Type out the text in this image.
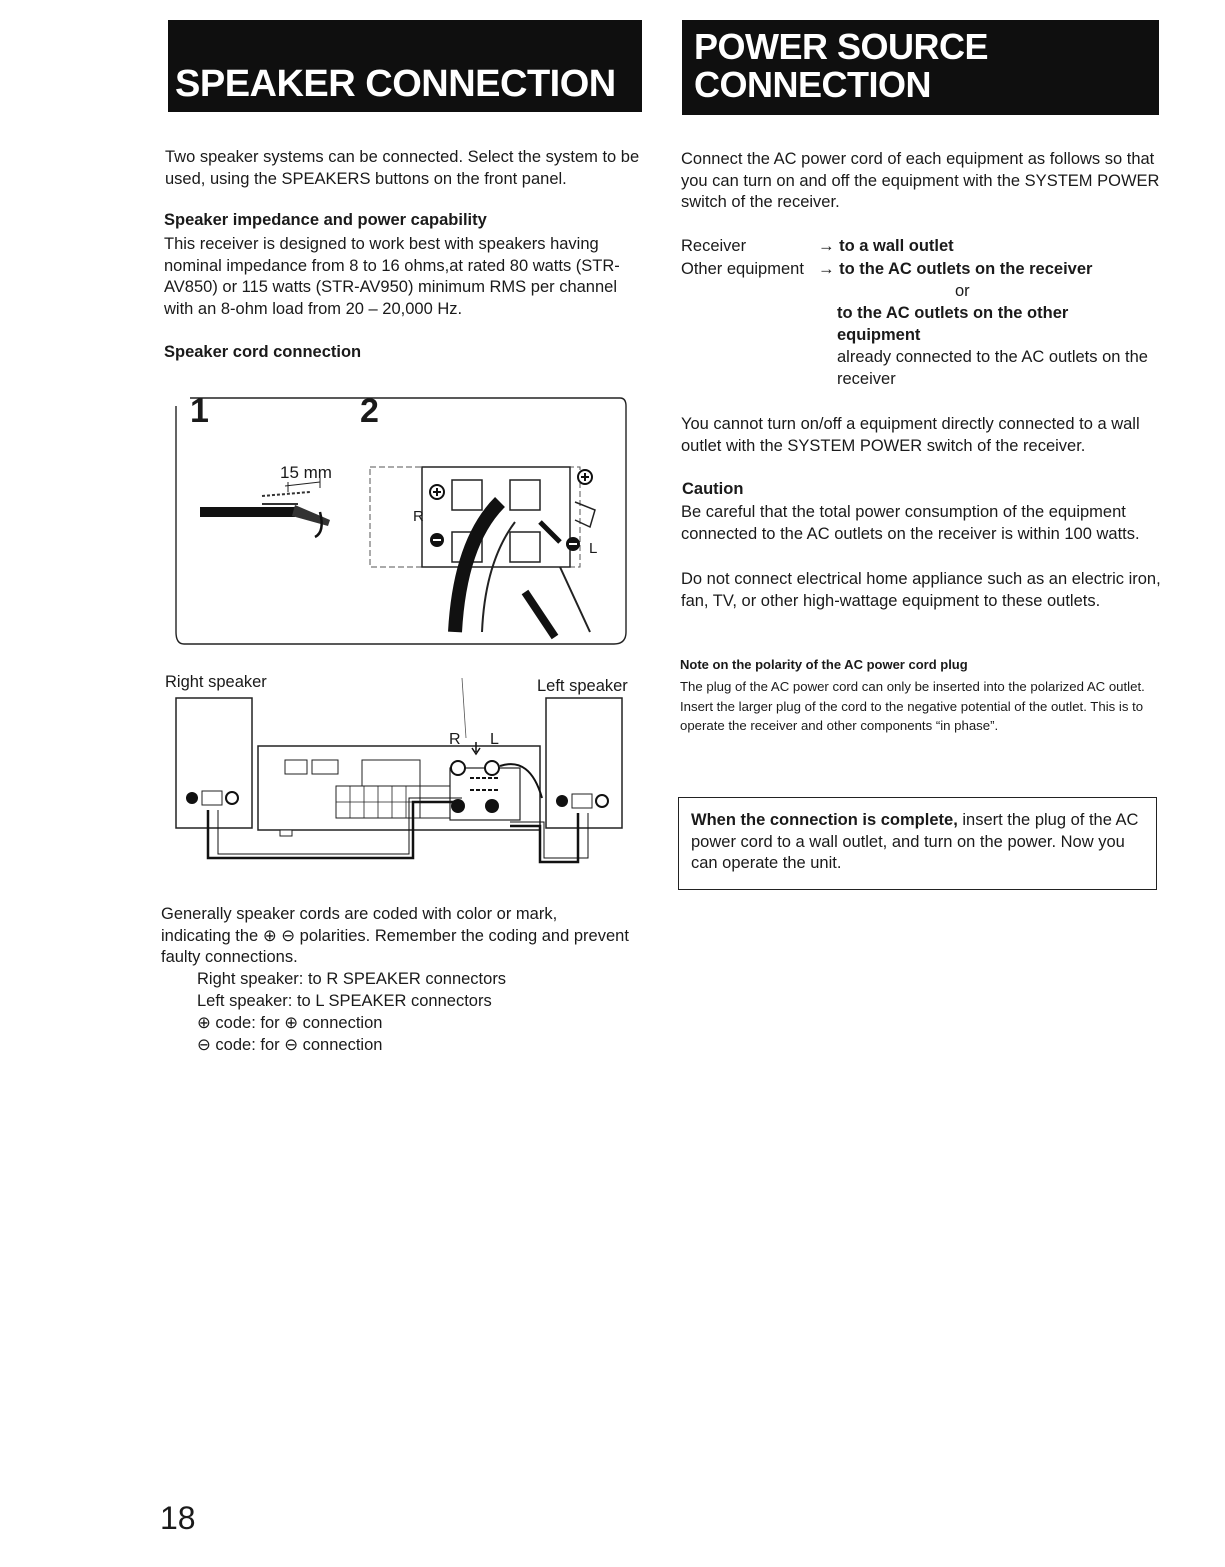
SPEAKER CONNECTION

Two speaker systems can be connected. Select the system to be used, using the SPEAKERS buttons on the front panel.

Speaker impedance and power capability

This receiver is designed to work best with speakers having nominal impedance from 8 to 16 ohms,at rated 80 watts (STR-AV850) or 115 watts (STR-AV950) minimum RMS per channel with an 8-ohm load from 20 – 20,000 Hz.

Speaker cord connection
1	2
15 mm
R
L
Right speaker	Left speaker
R L

Generally speaker cords are coded with color or mark, indicating the ⊕ ⊖ polarities. Remember the coding and prevent faulty connections.

Right speaker: to R SPEAKER connectors
Left speaker: to L SPEAKER connectors
⊕ code: for ⊕ connection
⊖ code: for ⊖ connection
POWER SOURCE
CONNECTION

Connect the AC power cord of each equipment as follows so that you can turn on and off the equipment with the SYSTEM POWER switch of the receiver.

Receiver	→ to a wall outlet
Other equipment → to the AC outlets on the receiver
or
to the AC outlets on the other equipment
already connected to the AC outlets on the receiver

You cannot turn on/off a equipment directly connected to a wall outlet with the SYSTEM POWER switch of the receiver.

Caution

Be careful that the total power consumption of the equipment connected to the AC outlets on the receiver is within 100 watts.

Do not connect electrical home appliance such as an electric iron, fan, TV, or other high-wattage equipment to these outlets.

Note on the polarity of the AC power cord plug

The plug of the AC power cord can only be inserted into the polarized AC outlet. Insert the larger plug of the cord to the negative potential of the outlet. This is to operate the receiver and other components “in phase”.

When the connection is complete, insert the plug of the AC power cord to a wall outlet, and turn on the power. Now you can operate the unit.

18
